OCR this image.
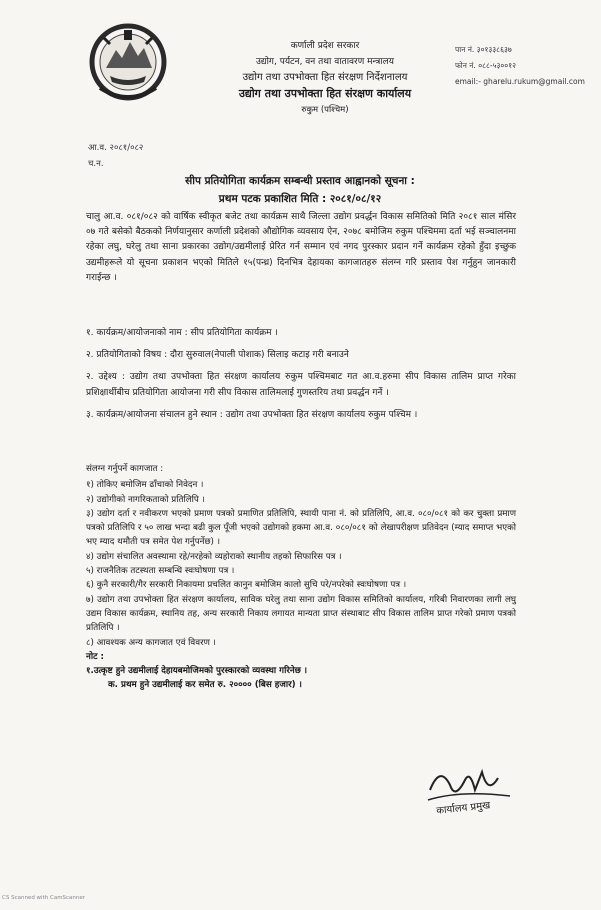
कर्णाली प्रदेश सरकार
उद्योग, पर्यटन, वन तथा वातावरण मन्त्रालय
उद्योग तथा उपभोक्ता हित संरक्षण निर्देशनालय
उद्योग तथा उपभोक्ता हित संरक्षण कार्यालय
रुकुम (पश्चिम)
पान नं. ३०१३३८६३७
फोन नं. ०८८-५३००१२
email:- gharelu.rukum@gmail.com
आ.व. २०८१/०८२
च.न.
सीप प्रतियोगिता कार्यक्रम सम्बन्धी प्रस्ताव आह्वानको सूचना :
प्रथम पटक प्रकाशित मिति : २०८१/०८/१२
चालु आ.व. ०८१/०८२ को वार्षिक स्वीकृत बजेट तथा कार्यक्रम साथै जिल्ला उद्योग प्रवर्द्धन विकास समितिको मिति २०८१ साल मंसिर ०७ गते बसेको बैठकको निर्णयानुसार कर्णाली प्रदेशको औद्योगिक व्यवसाय ऐन, २०७८ बमोजिम रुकुम पश्चिममा दर्ता भई सञ्चालनमा रहेका लघु, घरेलु तथा साना प्रकारका उद्योग/उद्यमीलाई प्रेरित गर्न सम्मान एवं नगद पुरस्कार प्रदान गर्ने कार्यक्रम रहेको हुँदा इच्छुक उद्यमीहरूले यो सूचना प्रकाशन भएको मितिले १५(पन्ध्र) दिनभित्र देहायका कागजातहरु संलग्न गरि प्रस्ताव पेश गर्नुहुन जानकारी गराईन्छ ।

१. कार्यक्रम/आयोजनाको नाम : सीप प्रतियोगिता कार्यक्रम ।

२. प्रतियोगिताको विषय : दौरा सुरुवाल(नेपाली पोशाक) सिलाइ कटाइ गरी बनाउने

२. उद्देश्य : उद्योग तथा उपभोक्ता हित संरक्षण कार्यालय रुकुम पश्चिमबाट गत आ.व.हरुमा सीप विकास तालिम प्राप्त गरेका प्रशिक्षार्थीबीच प्रतियोगिता आयोजना गरी सीप विकास तालिमलाई गुणस्तरिय तथा प्रवर्द्धन गर्ने ।

३. कार्यक्रम/आयोजना संचालन हुने स्थान : उद्योग तथा उपभोक्ता हित संरक्षण कार्यालय रुकुम पश्चिम ।

संलग्न गर्नुपर्ने कागजात :

१) तोकिए बमोजिम ढाँचाको निवेदन ।

२) उद्योगीको नागरिकताको प्रतिलिपि ।

३) उद्योग दर्ता र नवीकरण भएको प्रमाण पत्रको प्रमाणित प्रतिलिपि, स्थायी पाना नं. को प्रतिलिपि, आ.व. ०८०/०८१ को कर चुक्ता प्रमाण पत्रको प्रतिलिपि र ५० लाख भन्दा बढी कुल पूँजी भएको उद्योगको हकमा आ.व. ०८०/०८१ को लेखापरीक्षण प्रतिवेदन (म्याद समाप्त भएको भए म्याद थमौती पत्र समेत पेश गर्नुपर्नेछ) ।

४) उद्योग संचालित अवस्थामा रहे/नरहेको व्यहोराको स्थानीय तहको सिफारिस पत्र ।

५) राजनैतिक तटस्थता सम्बन्धि स्वःघोषणा पत्र ।

६) कुनै सरकारी/गैर सरकारी निकायमा प्रचलित कानुन बमोजिम कालो सुचि परे/नपरेको स्वःघोषणा पत्र ।

७) उद्योग तथा उपभोक्ता हित संरक्षण कार्यालय, साविक घरेलु तथा साना उद्योग विकास समितिको कार्यालय, गरिबी निवारणका लागी लघु उद्यम विकास कार्यक्रम, स्थानिय तह, अन्य सरकारी निकाय लगायत मान्यता प्राप्त संस्थाबाट सीप विकास तालिम प्राप्त गरेको प्रमाण पत्रको प्रतिलिपि ।

८) आवश्यक अन्य कागजात एवं विवरण ।

नोट :

१.उत्कृष्ट हुने उद्यमीलाई देहायबमोजिमको पुरस्कारको व्यवस्था गरिनेछ ।

क. प्रथम हुने उद्यमीलाई कर समेत रु. २०००० (बिस हजार) ।

कार्यालय प्रमुख
CS Scanned with CamScanner
